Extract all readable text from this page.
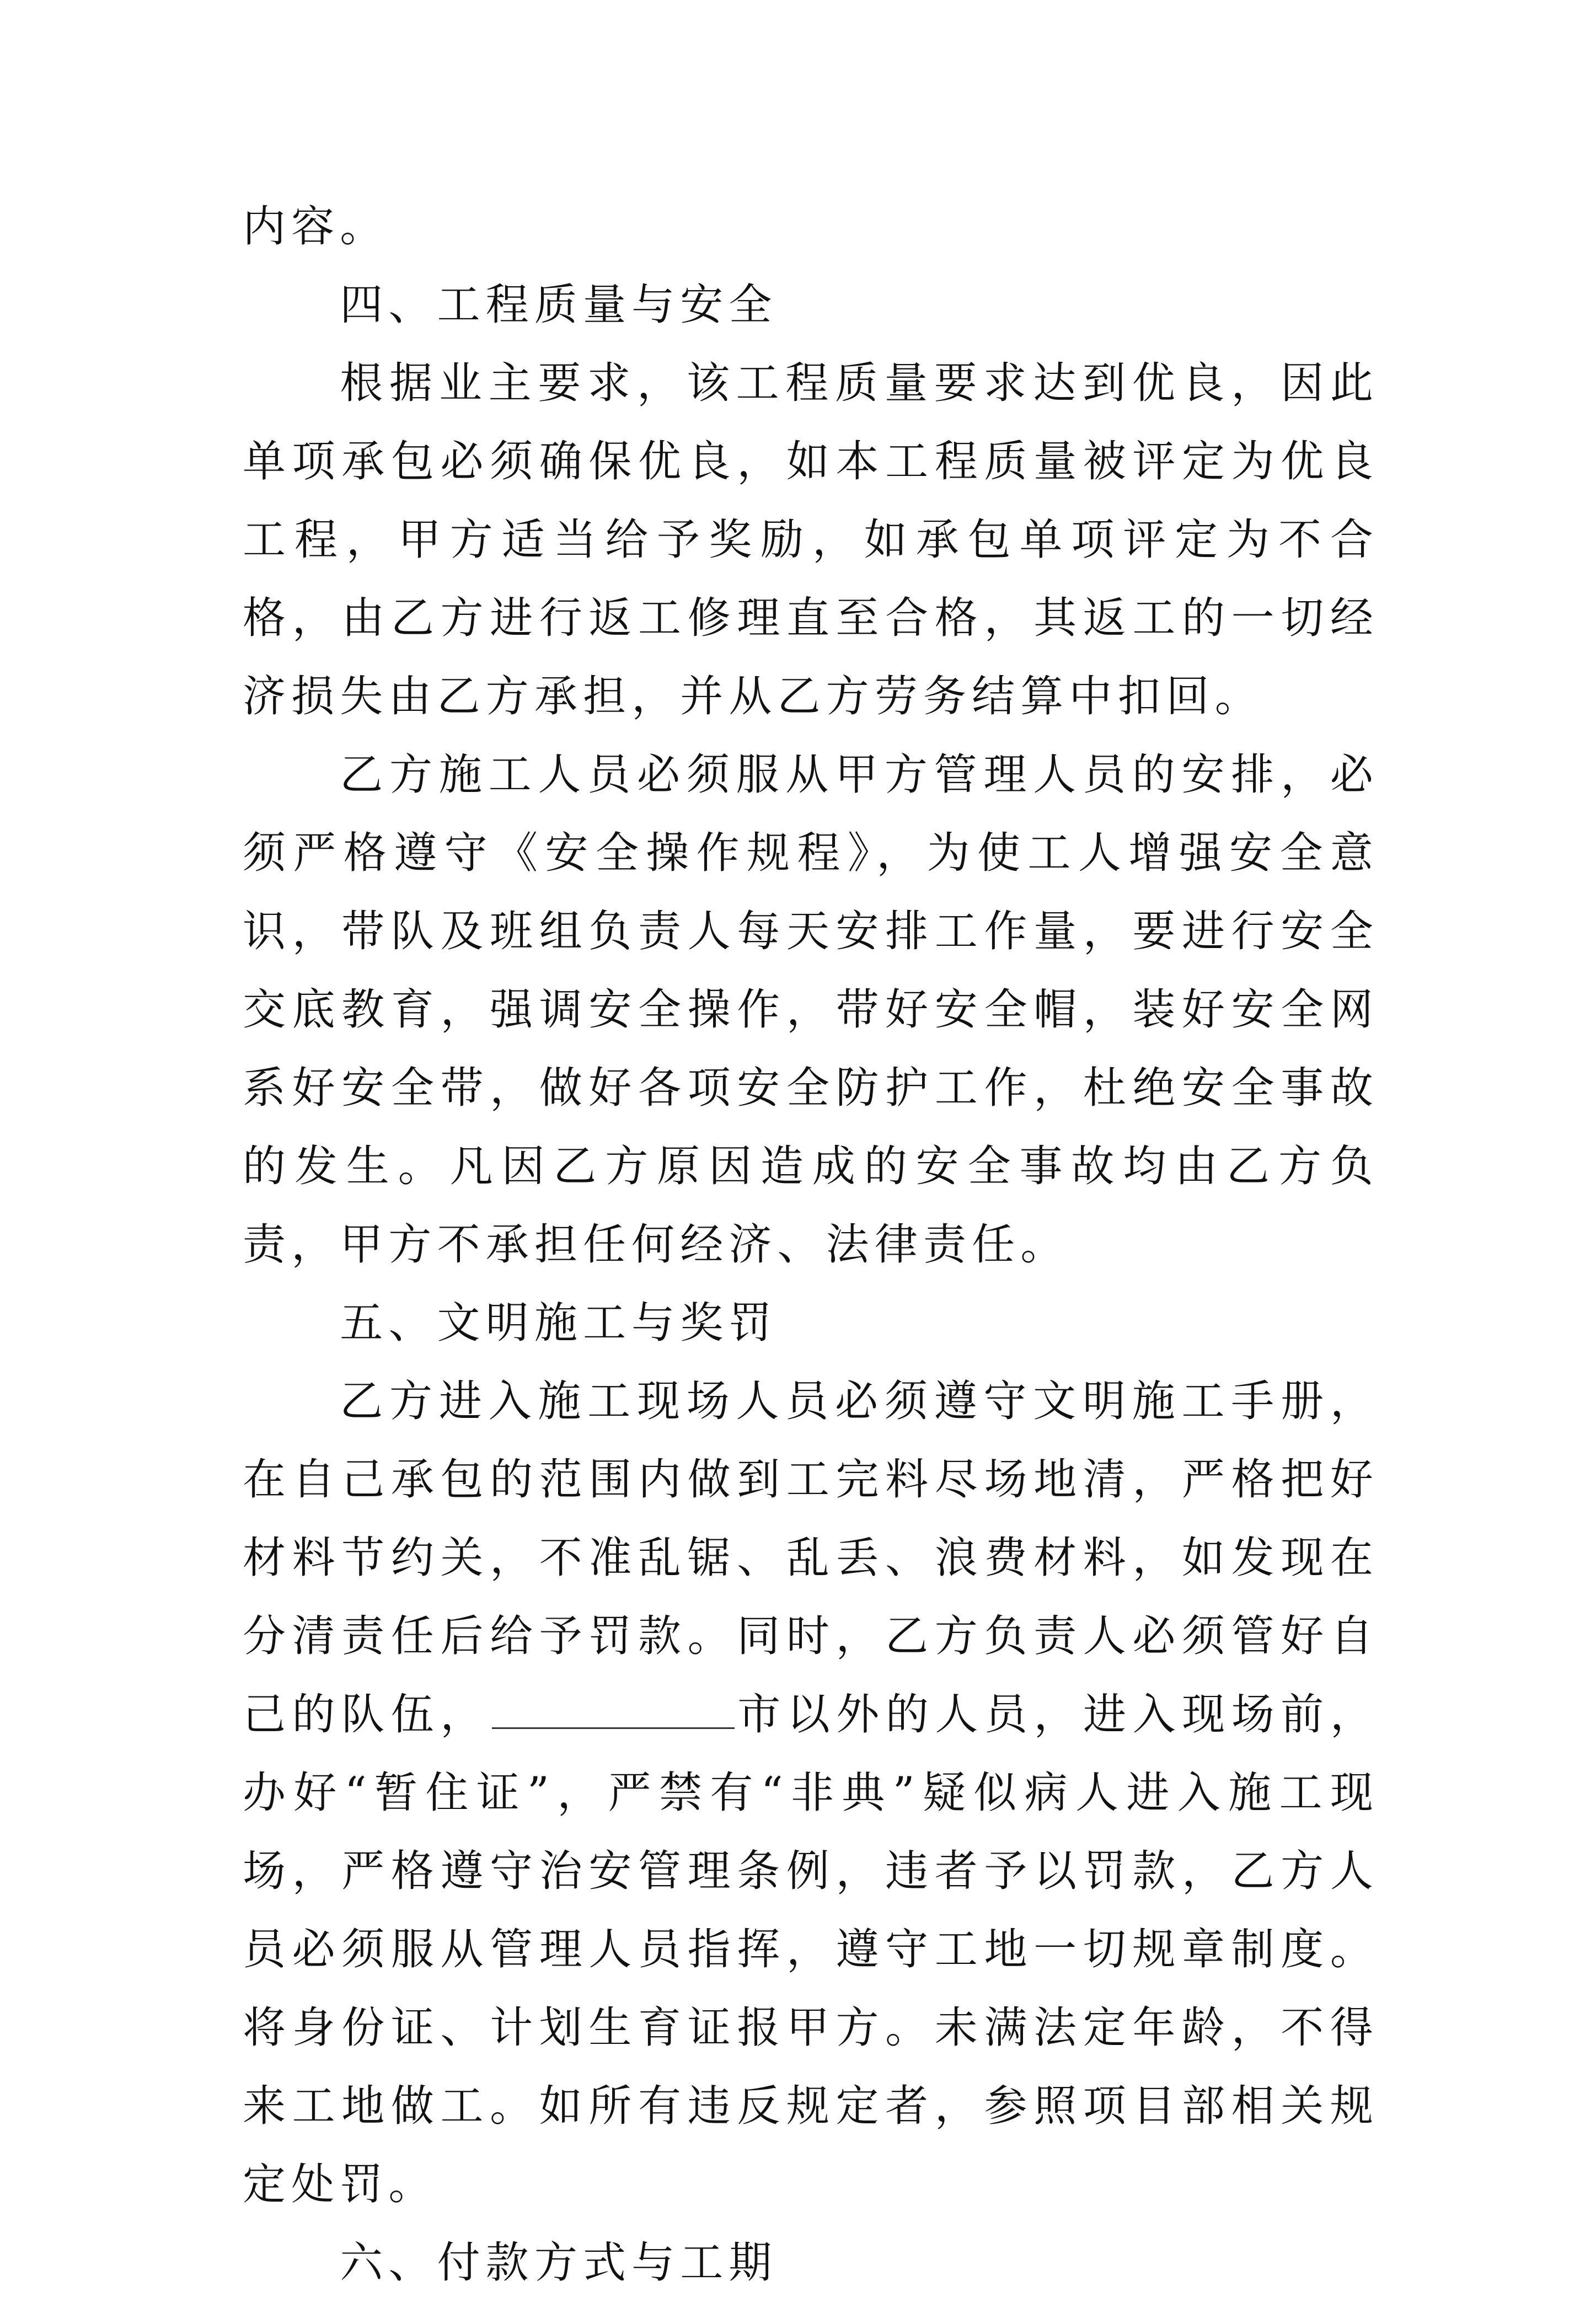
内容。

四、工程质量与安全

根据业主要求，该工程质量要求达到优良，因此单项承包必须确保优良，如本工程质量被评定为优良工程，甲方适当给予奖励，如承包单项评定为不合格，由乙方进行返工修理直至合格，其返工的一切经济损失由乙方承担，并从乙方劳务结算中扣回。

乙方施工人员必须服从甲方管理人员的安排，必须严格遵守《安全操作规程》，为使工人增强安全意识，带队及班组负责人每天安排工作量，要进行安全交底教育，强调安全操作，带好安全帽，装好安全网系好安全带，做好各项安全防护工作，杜绝安全事故的发生。凡因乙方原因造成的安全事故均由乙方负责，甲方不承担任何经济、法律责任。

五、文明施工与奖罚

乙方进入施工现场人员必须遵守文明施工手册，在自己承包的范围内做到工完料尽场地清，严格把好材料节约关，不准乱锯、乱丢、浪费材料，如发现在分清责任后给予罚款。同时，乙方负责人必须管好自己的队伍，	市以外的人员，进入现场前，办好“暂住证”，严禁有“非典”疑似病人进入施工现场，严格遵守治安管理条例，违者予以罚款，乙方人员必须服从管理人员指挥，遵守工地一切规章制度。将身份证、计划生育证报甲方。未满法定年龄，不得来工地做工。如所有违反规定者，参照项目部相关规定处罚。

六、付款方式与工期
